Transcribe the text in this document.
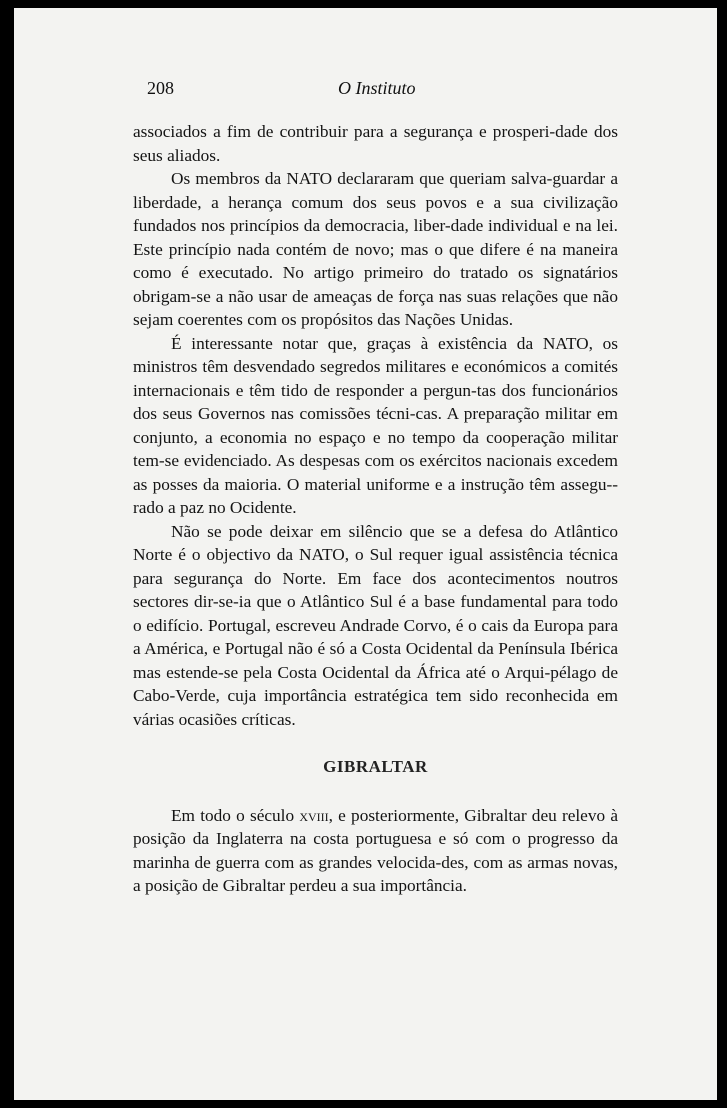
208	O Instituto

associados a fim de contribuir para a segurança e prosperi-dade dos seus aliados.

Os membros da NATO declararam que queriam salva-guardar a liberdade, a herança comum dos seus povos e a sua civilização fundados nos princípios da democracia, liber-dade individual e na lei. Este princípio nada contém de novo; mas o que difere é na maneira como é executado. No artigo primeiro do tratado os signatários obrigam-se a não usar de ameaças de força nas suas relações que não sejam coerentes com os propósitos das Nações Unidas.

É interessante notar que, graças à existência da NATO, os ministros têm desvendado segredos militares e económicos a comités internacionais e têm tido de responder a pergun-tas dos funcionários dos seus Governos nas comissões técni-cas. A preparação militar em conjunto, a economia no espaço e no tempo da cooperação militar tem-se evidenciado. As despesas com os exércitos nacionais excedem as posses da maioria. O material uniforme e a instrução têm assegu-rado a paz no Ocidente.

Não se pode deixar em silêncio que se a defesa do Atlântico Norte é o objectivo da NATO, o Sul requer igual assistência técnica para segurança do Norte. Em face dos acontecimentos noutros sectores dir-se-ia que o Atlântico Sul é a base fundamental para todo o edifício. Portugal, escreveu Andrade Corvo, é o cais da Europa para a América, e Portugal não é só a Costa Ocidental da Península Ibérica mas estende-se pela Costa Ocidental da África até o Arqui-pélago de Cabo-Verde, cuja importância estratégica tem sido reconhecida em várias ocasiões críticas.

GIBRALTAR

Em todo o século xviii, e posteriormente, Gibraltar deu relevo à posição da Inglaterra na costa portuguesa e só com o progresso da marinha de guerra com as grandes velocida-des, com as armas novas, a posição de Gibraltar perdeu a sua importância.
